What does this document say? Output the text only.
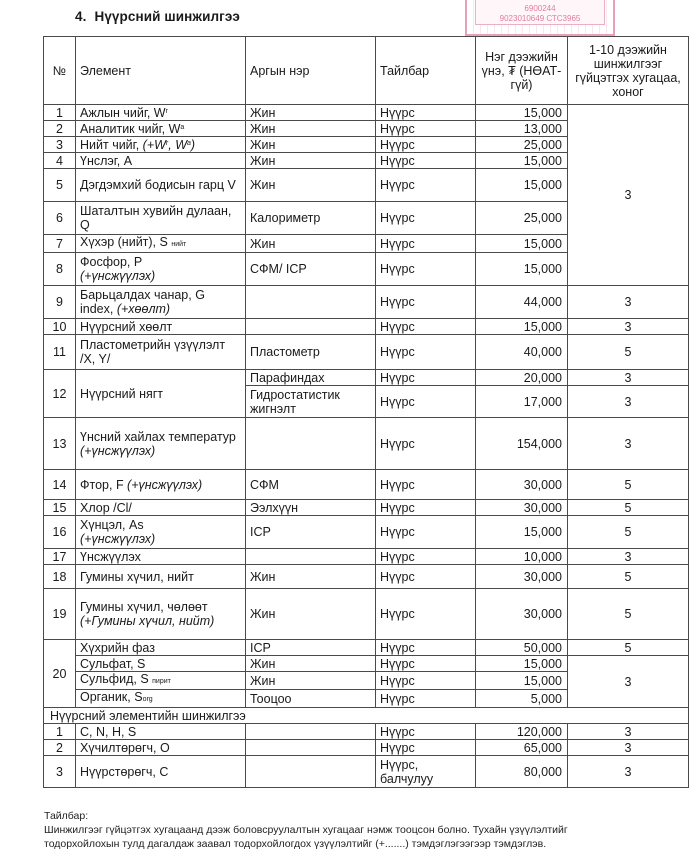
6900244
9023010649 СТС3965
4. Нүүрсний шинжилгээ
№	Элемент	Аргын нэр	Тайлбар	Нэг дээжийн үнэ, ₮ (НӨАТ-гүй)	1-10 дээжийн шинжилгээг гүйцэтгэх хугацаа, хоног
1	Ажлын чийг, $W^r$	Жин	Нүүрс	15,000	3
2	Аналитик чийг, $W^a$	Жин	Нүүрс	13,000	
3	Нийт чийг, ($+W^r$, $W^a$)	Жин	Нүүрс	25,000	
4	Үнслэг, A	Жин	Нүүрс	15,000	
5	Дэгдэмхий бодисын гарц V	Жин	Нүүрс	15,000	
6	Шаталтын хувийн дулаан, Q	Калориметр	Нүүрс	25,000	
7	Хүхэр (нийт), S нийт	Жин	Нүүрс	15,000	
8	Фосфор, P
(+үнсжүүлэх)	СФМ/ ICP	Нүүрс	15,000	
9	Барьцалдах чанар, G index, (+хөөлт)		Нүүрс	44,000	3
10	Нүүрсний хөөлт		Нүүрс	15,000	3
11	Пластометрийн үзүүлэлт /X, Y/	Пластометр	Нүүрс	40,000	5
12	Нүүрсний нягт	Парафиндах	Нүүрс	20,000	3
		Гидростатистик жигнэлт	Нүүрс	17,000	3
13	Үнсний хайлах температур
(+үнсжүүлэх)		Нүүрс	154,000	3
14	Фтор, F (+үнсжүүлэх)	СФМ	Нүүрс	30,000	5
15	Хлор /Cl/	Ээлхүүн	Нүүрс	30,000	5
16	Хүнцэл, As
(+үнсжүүлэх)	ICP	Нүүрс	15,000	5
17	Үнсжүүлэх		Нүүрс	10,000	3
18	Гумины хүчил, нийт	Жин	Нүүрс	30,000	5
19	Гумины хүчил, чөлөөт
(+Гумины хүчил, нийт)	Жин	Нүүрс	30,000	5
20	Хүхрийн фаз	ICP	Нүүрс	50,000	5
	Сульфат, S	Жин	Нүүрс	15,000	3
	Сульфид, S пирит	Жин	Нүүрс	15,000	
	Органик, Sorg	Тооцоо	Нүүрс	5,000	
Нүүрсний элементийн шинжилгээ					
1	C, N, H, S		Нүүрс	120,000	3
2	Хүчилтөрөгч, O		Нүүрс	65,000	3
3	Нүүрстөрөгч, C		Нүүрс, балчулуу	80,000	3
Тайлбар:
Шинжилгээг гүйцэтгэх хугацаанд дээж боловсруулалтын хугацааг нэмж тооцсон болно. Тухайн үзүүлэлтийг
тодорхойлохын тулд дагалдаж заавал тодорхойлогдох үзүүлэлтийг (+.......) тэмдэглэгээгээр тэмдэглэв.
